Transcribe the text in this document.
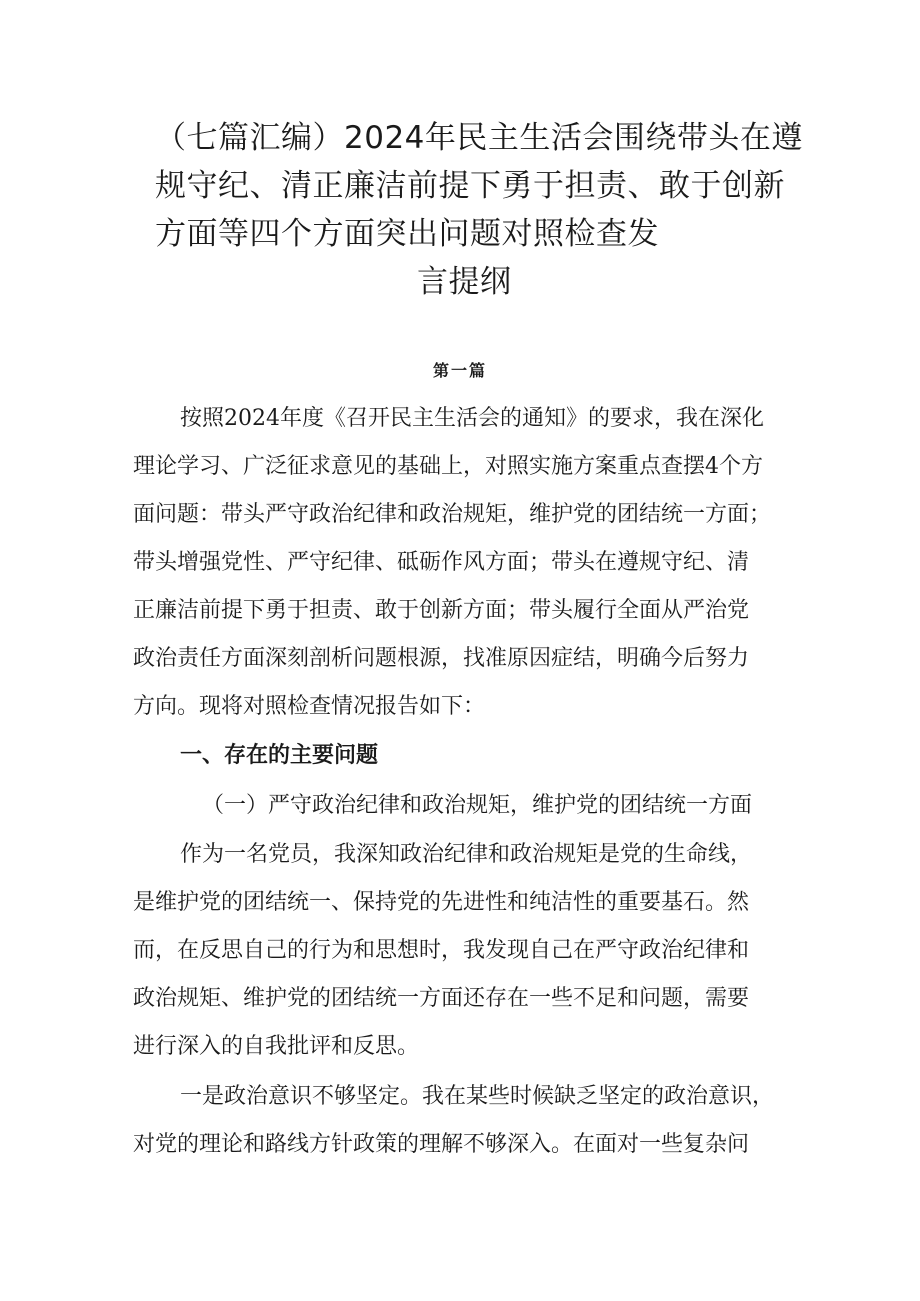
（七篇汇编）2024年民主生活会围绕带头在遵
规守纪、清正廉洁前提下勇于担责、敢于创新
方面等四个方面突出问题对照检查发
言提纲
第一篇
按照2024年度《召开民主生活会的通知》的要求，我在深化
理论学习、广泛征求意见的基础上，对照实施方案重点查摆4个方
面问题：带头严守政治纪律和政治规矩，维护党的团结统一方面；
带头增强党性、严守纪律、砥砺作风方面；带头在遵规守纪、清
正廉洁前提下勇于担责、敢于创新方面；带头履行全面从严治党
政治责任方面深刻剖析问题根源，找准原因症结，明确今后努力
方向。现将对照检查情况报告如下：
一、存在的主要问题
（一）严守政治纪律和政治规矩，维护党的团结统一方面
作为一名党员，我深知政治纪律和政治规矩是党的生命线，
是维护党的团结统一、保持党的先进性和纯洁性的重要基石。然
而，在反思自己的行为和思想时，我发现自己在严守政治纪律和
政治规矩、维护党的团结统一方面还存在一些不足和问题，需要
进行深入的自我批评和反思。
一是政治意识不够坚定。我在某些时候缺乏坚定的政治意识，
对党的理论和路线方针政策的理解不够深入。在面对一些复杂问
